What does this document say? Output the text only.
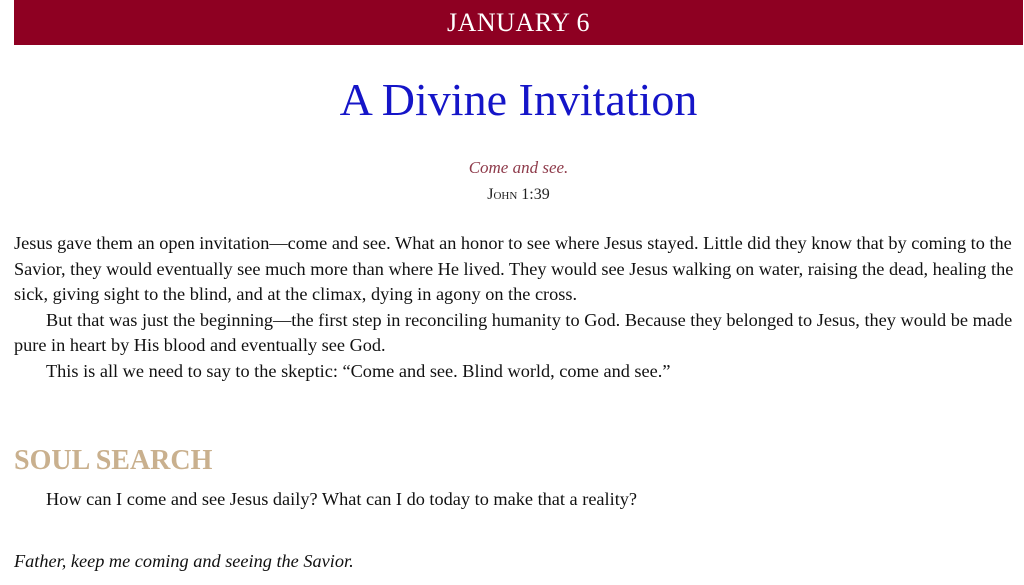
JANUARY 6
A Divine Invitation
Come and see.
John 1:39

Jesus gave them an open invitation—come and see. What an honor to see where Jesus stayed. Little did they know that by coming to the Savior, they would eventually see much more than where He lived. They would see Jesus walking on water, raising the dead, healing the sick, giving sight to the blind, and at the climax, dying in agony on the cross.

But that was just the beginning—the first step in reconciling humanity to God. Because they belonged to Jesus, they would be made pure in heart by His blood and eventually see God.

This is all we need to say to the skeptic: “Come and see. Blind world, come and see.”

SOUL SEARCH
How can I come and see Jesus daily? What can I do today to make that a reality?
Father, keep me coming and seeing the Savior.
